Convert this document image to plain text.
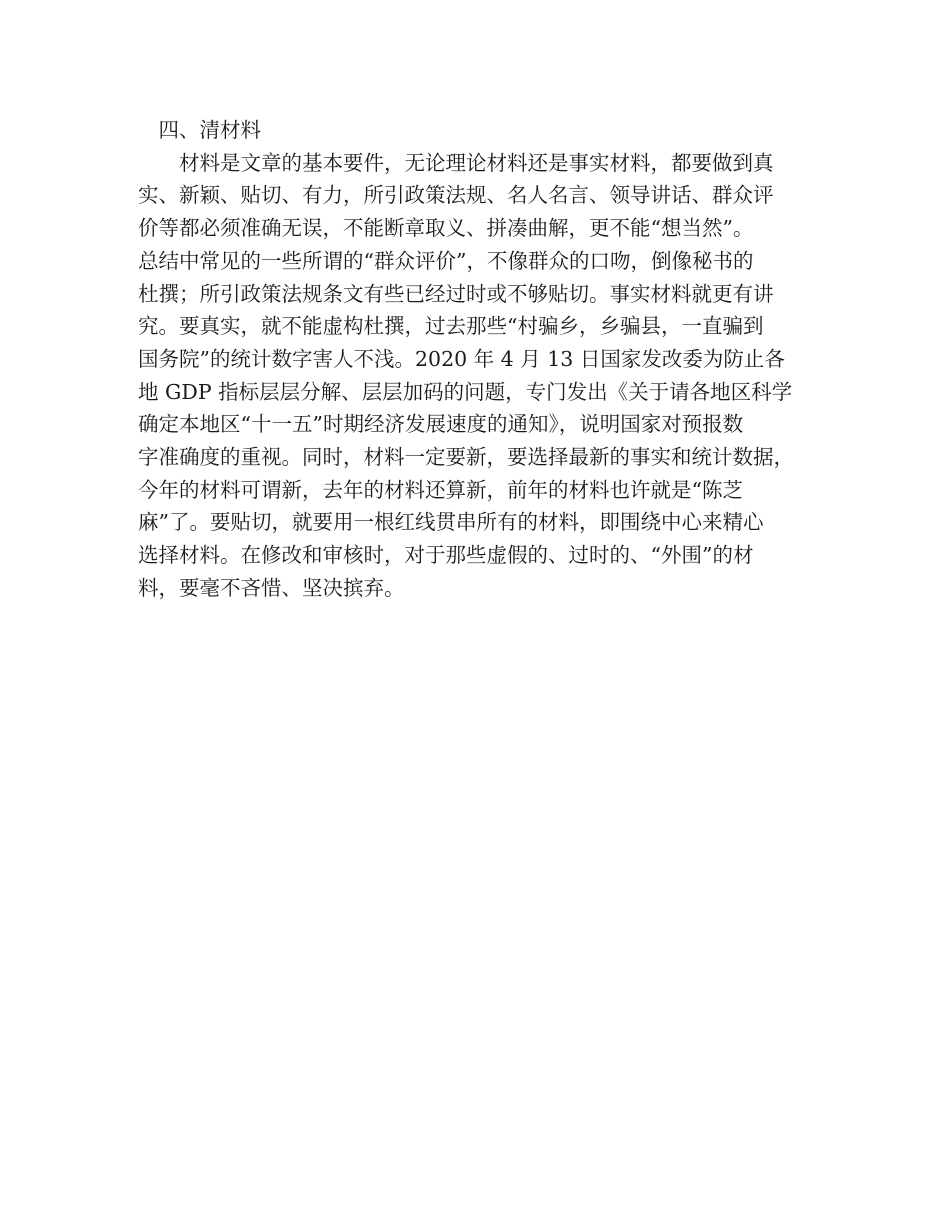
　四、清材料
　　材料是文章的基本要件，无论理论材料还是事实材料，都要做到真
实、新颖、贴切、有力，所引政策法规、名人名言、领导讲话、群众评
价等都必须准确无误，不能断章取义、拼凑曲解，更不能“想当然”。
总结中常见的一些所谓的“群众评价”，不像群众的口吻，倒像秘书的
杜撰；所引政策法规条文有些已经过时或不够贴切。事实材料就更有讲
究。要真实，就不能虚构杜撰，过去那些“村骗乡，乡骗县，一直骗到
国务院”的统计数字害人不浅。2020 年 4 月 13 日国家发改委为防止各
地 GDP 指标层层分解、层层加码的问题，专门发出《关于请各地区科学
确定本地区“十一五”时期经济发展速度的通知》，说明国家对预报数
字准确度的重视。同时，材料一定要新，要选择最新的事实和统计数据，
今年的材料可谓新，去年的材料还算新，前年的材料也许就是“陈芝
麻”了。要贴切，就要用一根红线贯串所有的材料，即围绕中心来精心
选择材料。在修改和审核时，对于那些虚假的、过时的、“外围”的材
料，要毫不吝惜、坚决摈弃。
